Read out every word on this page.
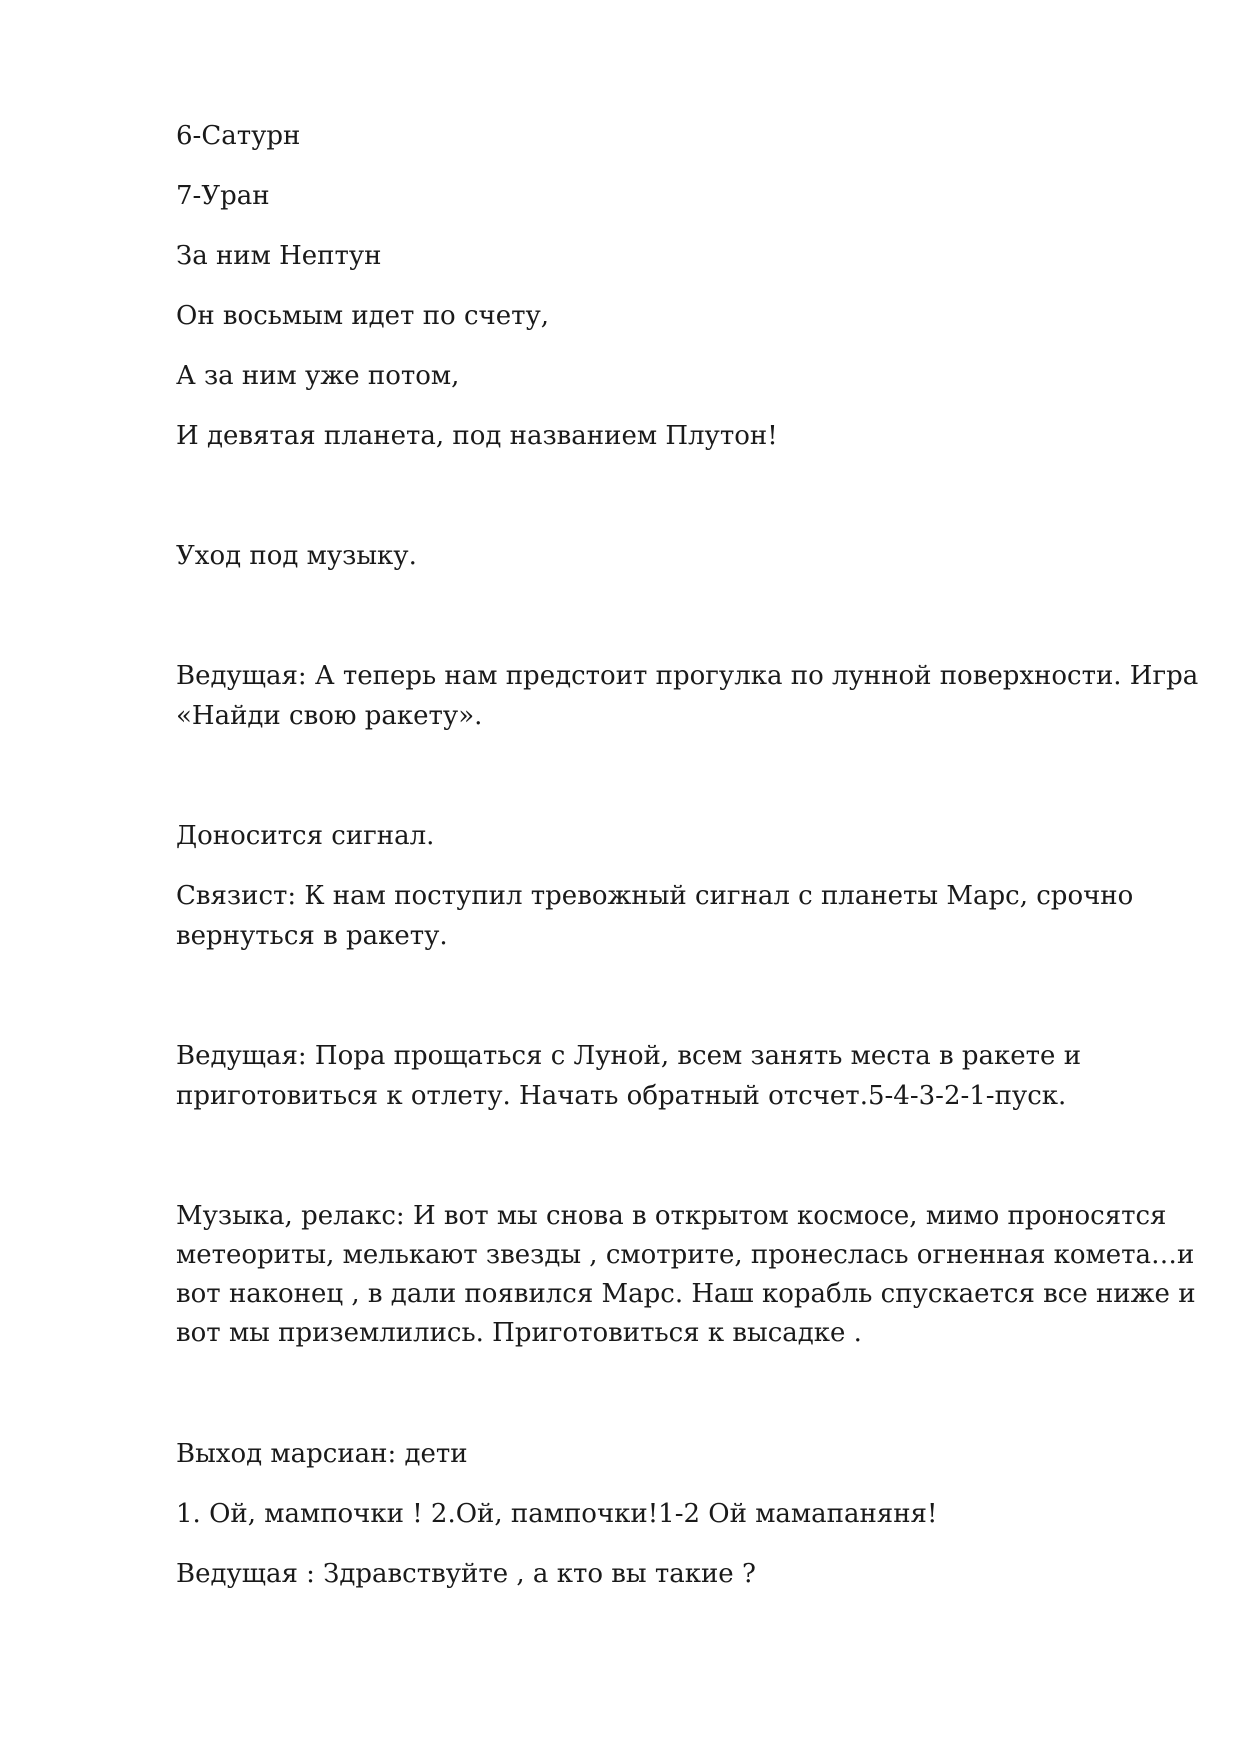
6-Сатурн

7-Уран

За ним Нептун

Он восьмым идет по счету,

А за ним уже потом,

И девятая планета, под названием Плутон!

Уход под музыку.

Ведущая: А теперь нам предстоит прогулка по лунной поверхности. Игра

«Найди свою ракету».

Доносится сигнал.

Связист: К нам поступил тревожный сигнал с планеты Марс, срочно

вернуться в ракету.

Ведущая: Пора прощаться с Луной, всем занять места в ракете и

приготовиться к отлету. Начать обратный отсчет.5-4-3-2-1-пуск.

Музыка, релакс: И вот мы снова в открытом космосе, мимо проносятся

метеориты, мелькают звезды , смотрите, пронеслась огненная комета…и

вот наконец , в дали появился Марс. Наш корабль спускается все ниже и

вот мы приземлились. Приготовиться к высадке .

Выход марсиан: дети

1. Ой, мампочки ! 2.Ой, пампочки!1-2 Ой мамапаняня!

Ведущая : Здравствуйте , а кто вы такие ?
